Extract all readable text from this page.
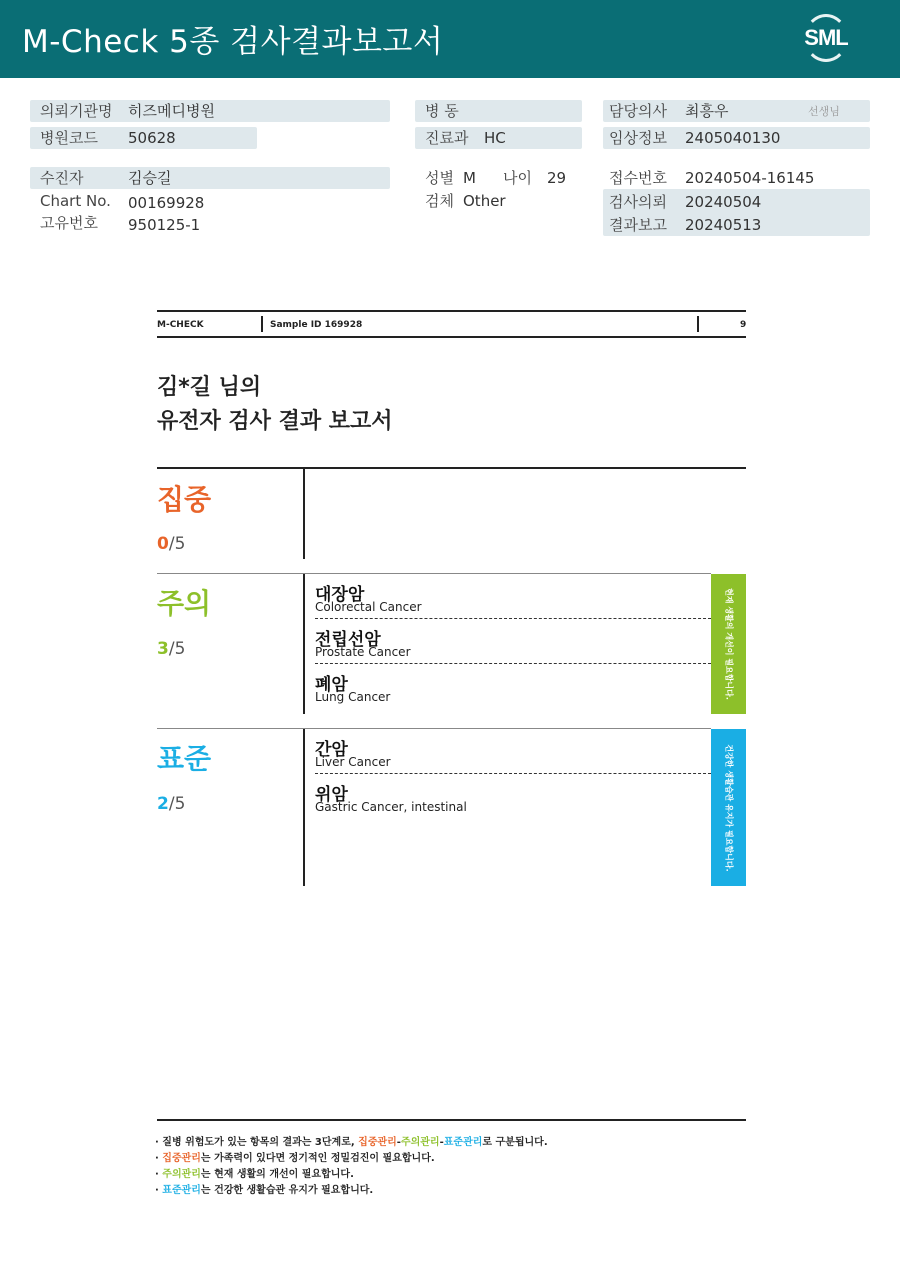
M-Check 5종 검사결과보고서	SML
의뢰기관명 히즈메디병원
병원코드 50628
수진자	김승길
Chart No. 00169928
고유번호 950125-1
병 동
진료과 HC
성별 M 나이 29
검체 Other
담당의사 최흥우	선생님
임상정보 2405040130
접수번호 20240504-16145
검사의뢰 20240504
결과보고 20240513
M-CHECK	Sample ID 169928	9
김*길 님의
유전자 검사 결과 보고서
집중
0/5
주의
3/5
대장암
Colorectal Cancer
전립선암
Prostate Cancer
폐암
Lung Cancer	현재 생활의 개선이 필요합니다.
표준
2/5
간암
Liver Cancer
위암
Gastric Cancer, intestinal	건강한 생활습관 유지가 필요합니다.
· 질병 위험도가 있는 항목의 결과는 3단계로, 집중관리-주의관리-표준관리로 구분됩니다.
· 집중관리는 가족력이 있다면 정기적인 정밀검진이 필요합니다.
· 주의관리는 현재 생활의 개선이 필요합니다.
· 표준관리는 건강한 생활습관 유지가 필요합니다.
